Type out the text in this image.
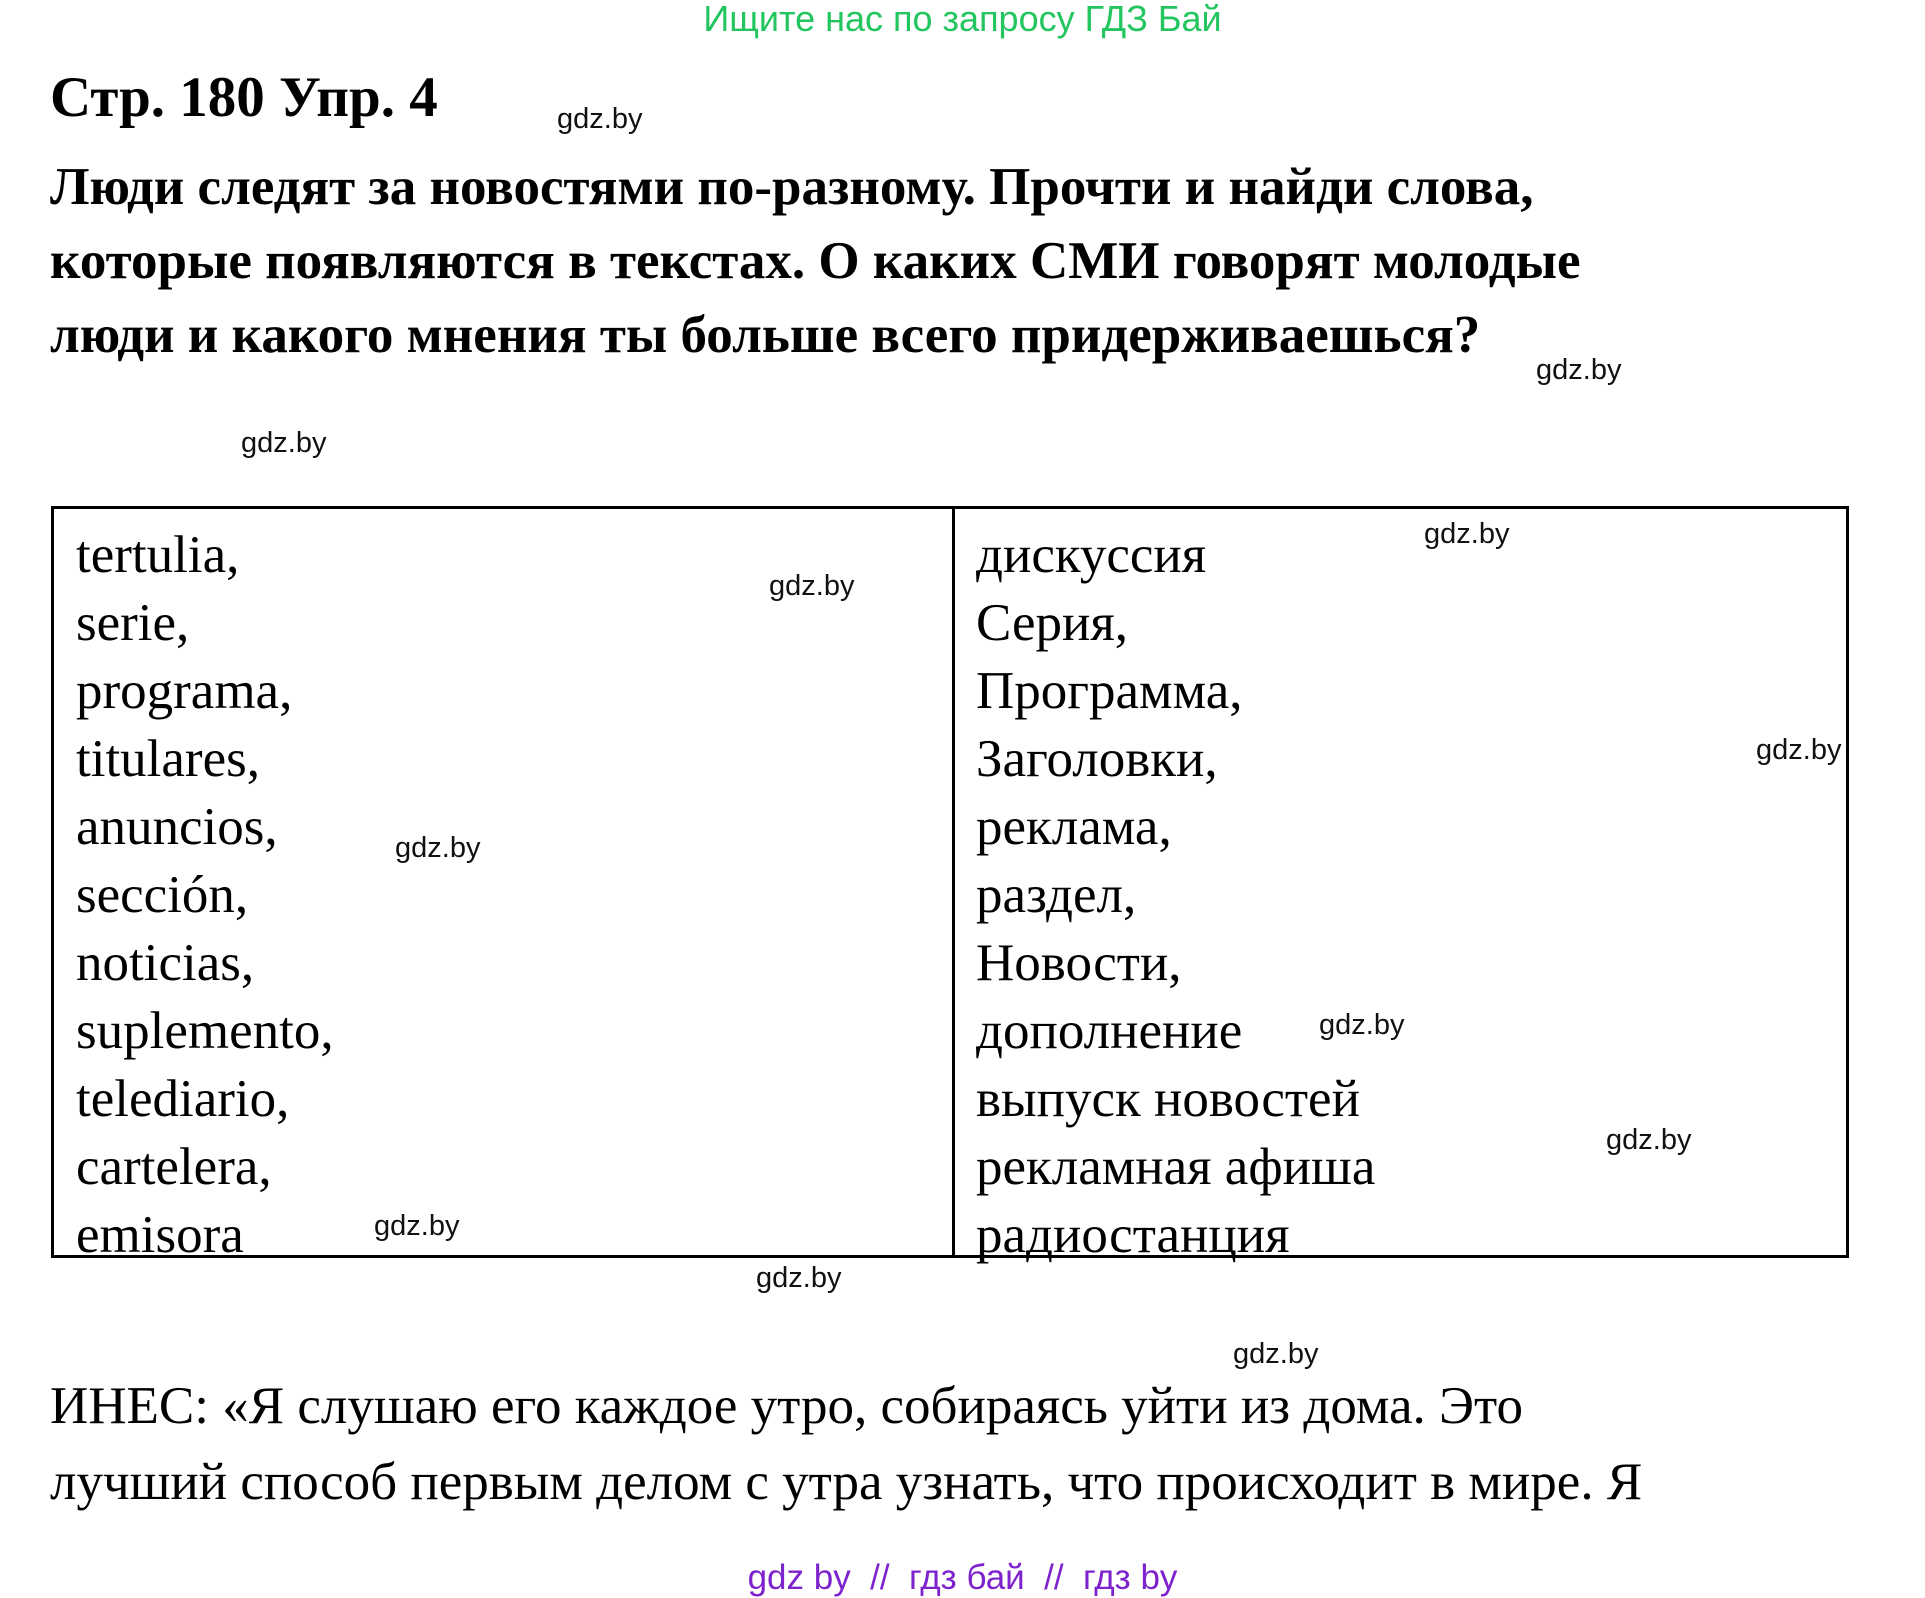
Ищите нас по запросу ГДЗ Бай
Стр. 180 Упр. 4
Люди следят за новостями по-разному. Прочти и найди слова,
которые появляются в текстах. О каких СМИ говорят молодые
люди и какого мнения ты больше всего придерживаешься?
tertulia,
serie,
programa,
titulares,
anuncios,
sección,
noticias,
suplemento,
telediario,
cartelera,
emisora
дискуссия
Серия,
Программа,
Заголовки,
реклама,
раздел,
Новости,
дополнение
выпуск новостей
рекламная афиша
радиостанция
ИНЕС: «Я слушаю его каждое утро, собираясь уйти из дома. Это
лучший способ первым делом с утра узнать, что происходит в мире. Я
gdz.by
gdz.by
gdz.by
gdz.by
gdz.by
gdz.by
gdz.by
gdz.by
gdz.by
gdz.by
gdz.by
gdz.by
gdz by  //  гдз бай  //  гдз by
